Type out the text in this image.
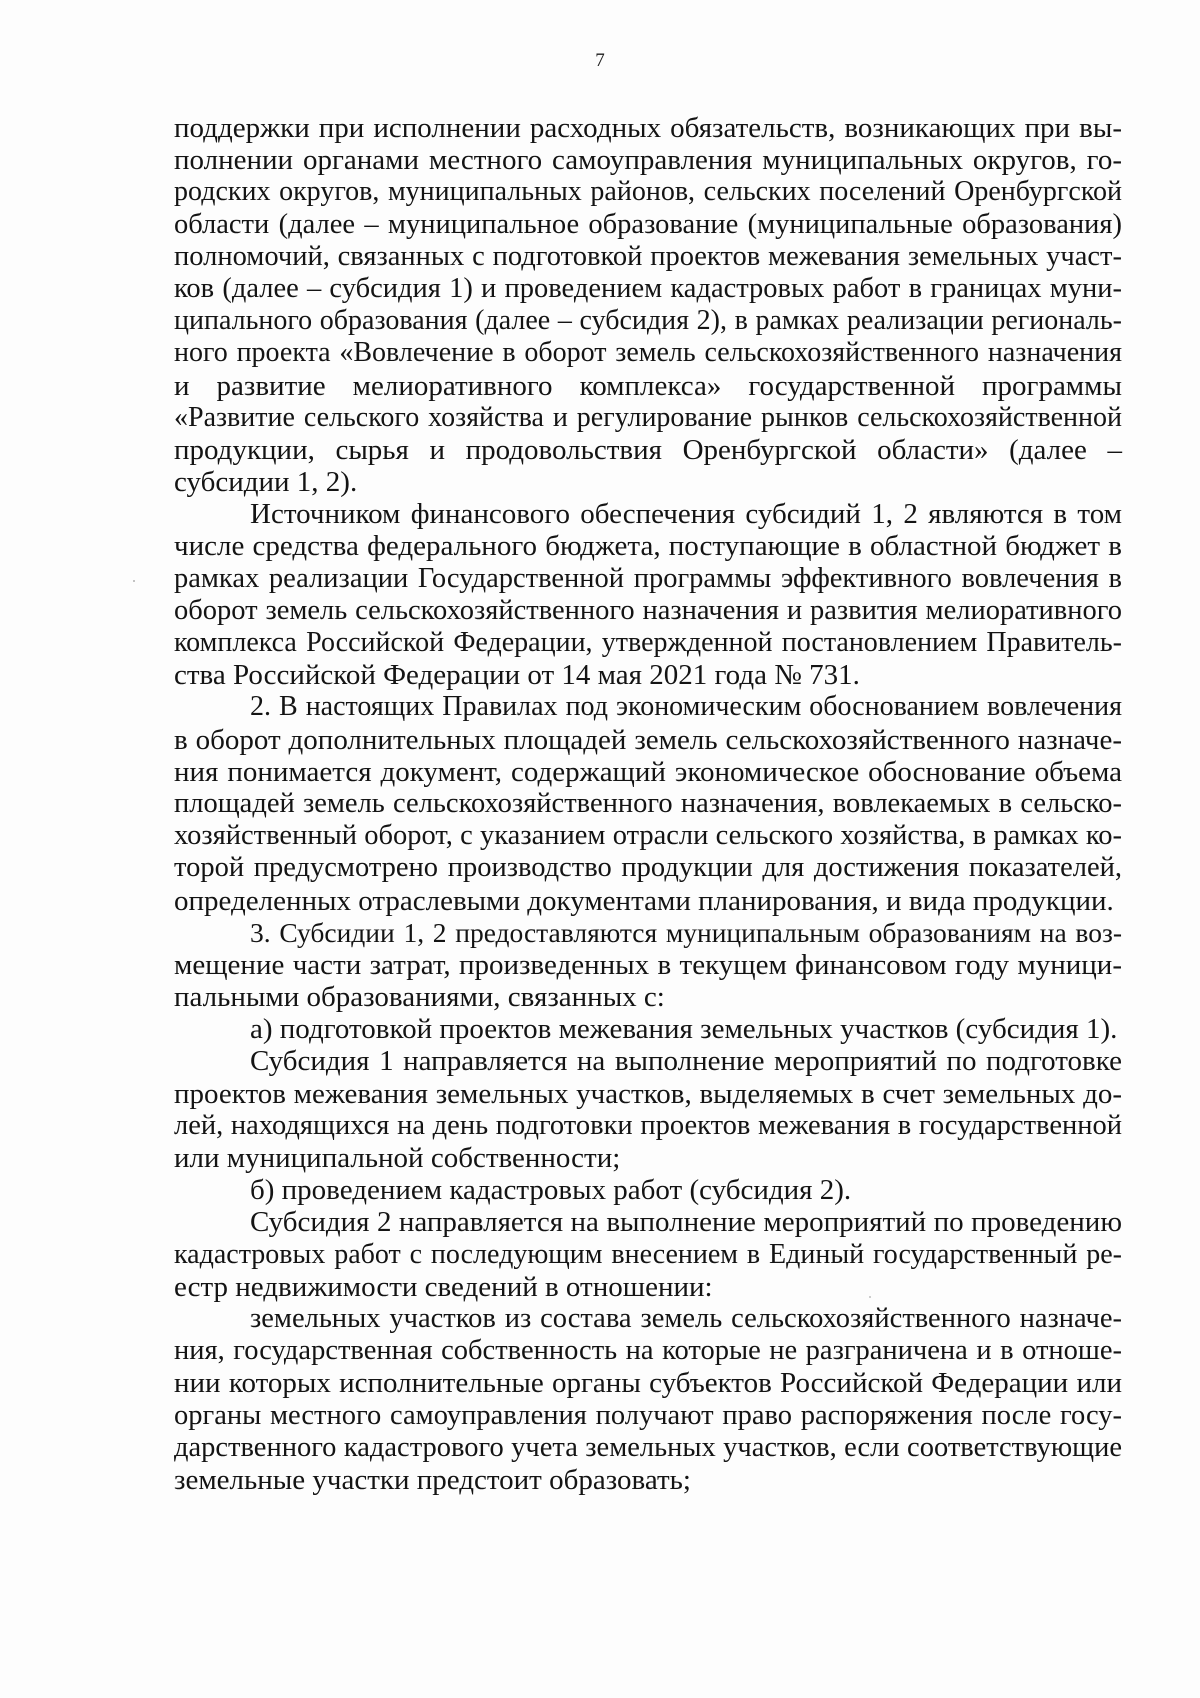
7
поддержки при исполнении расходных обязательств, возникающих при вы-
полнении органами местного самоуправления муниципальных округов, го-
родских округов, муниципальных районов, сельских поселений Оренбургской
области (далее – муниципальное образование (муниципальные образования)
полномочий, связанных с подготовкой проектов межевания земельных участ-
ков (далее – субсидия 1) и проведением кадастровых работ в границах муни-
ципального образования (далее – субсидия 2), в рамках реализации региональ-
ного проекта «Вовлечение в оборот земель сельскохозяйственного назначения
и развитие мелиоративного комплекса» государственной программы
«Развитие сельского хозяйства и регулирование рынков сельскохозяйственной
продукции, сырья и продовольствия Оренбургской области» (далее –
субсидии 1, 2).
Источником финансового обеспечения субсидий 1, 2 являются в том
числе средства федерального бюджета, поступающие в областной бюджет в
рамках реализации Государственной программы эффективного вовлечения в
оборот земель сельскохозяйственного назначения и развития мелиоративного
комплекса Российской Федерации, утвержденной постановлением Правитель-
ства Российской Федерации от 14 мая 2021 года № 731.
2. В настоящих Правилах под экономическим обоснованием вовлечения
в оборот дополнительных площадей земель сельскохозяйственного назначе-
ния понимается документ, содержащий экономическое обоснование объема
площадей земель сельскохозяйственного назначения, вовлекаемых в сельско-
хозяйственный оборот, с указанием отрасли сельского хозяйства, в рамках ко-
торой предусмотрено производство продукции для достижения показателей,
определенных отраслевыми документами планирования, и вида продукции.
3. Субсидии 1, 2 предоставляются муниципальным образованиям на воз-
мещение части затрат, произведенных в текущем финансовом году муници-
пальными образованиями, связанных с:
а) подготовкой проектов межевания земельных участков (субсидия 1).
Субсидия 1 направляется на выполнение мероприятий по подготовке
проектов межевания земельных участков, выделяемых в счет земельных до-
лей, находящихся на день подготовки проектов межевания в государственной
или муниципальной собственности;
б) проведением кадастровых работ (субсидия 2).
Субсидия 2 направляется на выполнение мероприятий по проведению
кадастровых работ с последующим внесением в Единый государственный ре-
естр недвижимости сведений в отношении:
земельных участков из состава земель сельскохозяйственного назначе-
ния, государственная собственность на которые не разграничена и в отноше-
нии которых исполнительные органы субъектов Российской Федерации или
органы местного самоуправления получают право распоряжения после госу-
дарственного кадастрового учета земельных участков, если соответствующие
земельные участки предстоит образовать;
